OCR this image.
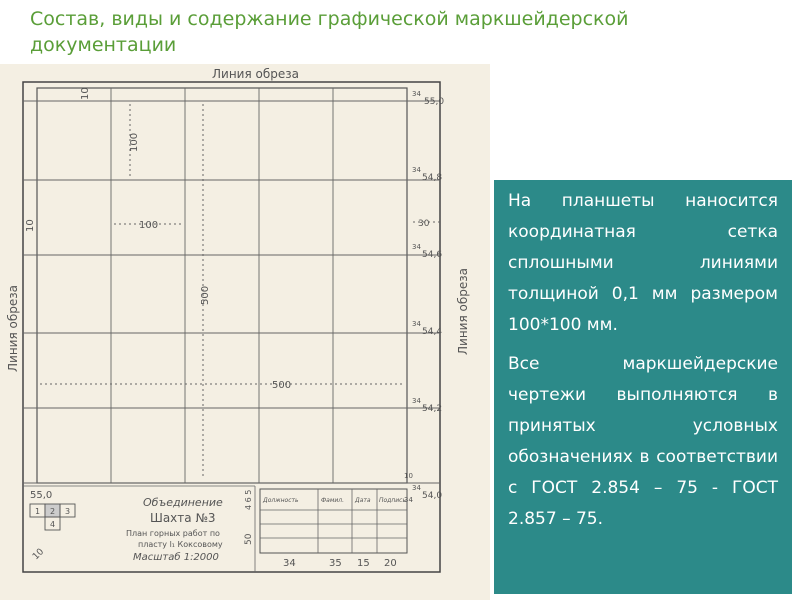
Состав, виды и содержание графической маркшейдерской документации
Линия обреза
Линия обреза	Линия обреза
10
100
100
10
500
500
30
34
55,0
34
54,8
34
54,6
34
54,4
34
54,2
34
54,0
10
34
55,0
1 2 3
4
10
50
4 6 5
Объединение
Шахта №3
План горных работ по
пласту l₁ Коксовому
Масштаб 1:2000
Должность	Фамил. Дата Подпись
34	35 15 20

На планшеты наносится координатная сетка сплошными линиями толщиной 0,1 мм размером 100*100 мм.

Все маркшейдерские чертежи выполняются в принятых условных обозначениях в соответствии с ГОСТ 2.854 – 75 - ГОСТ 2.857 – 75.
